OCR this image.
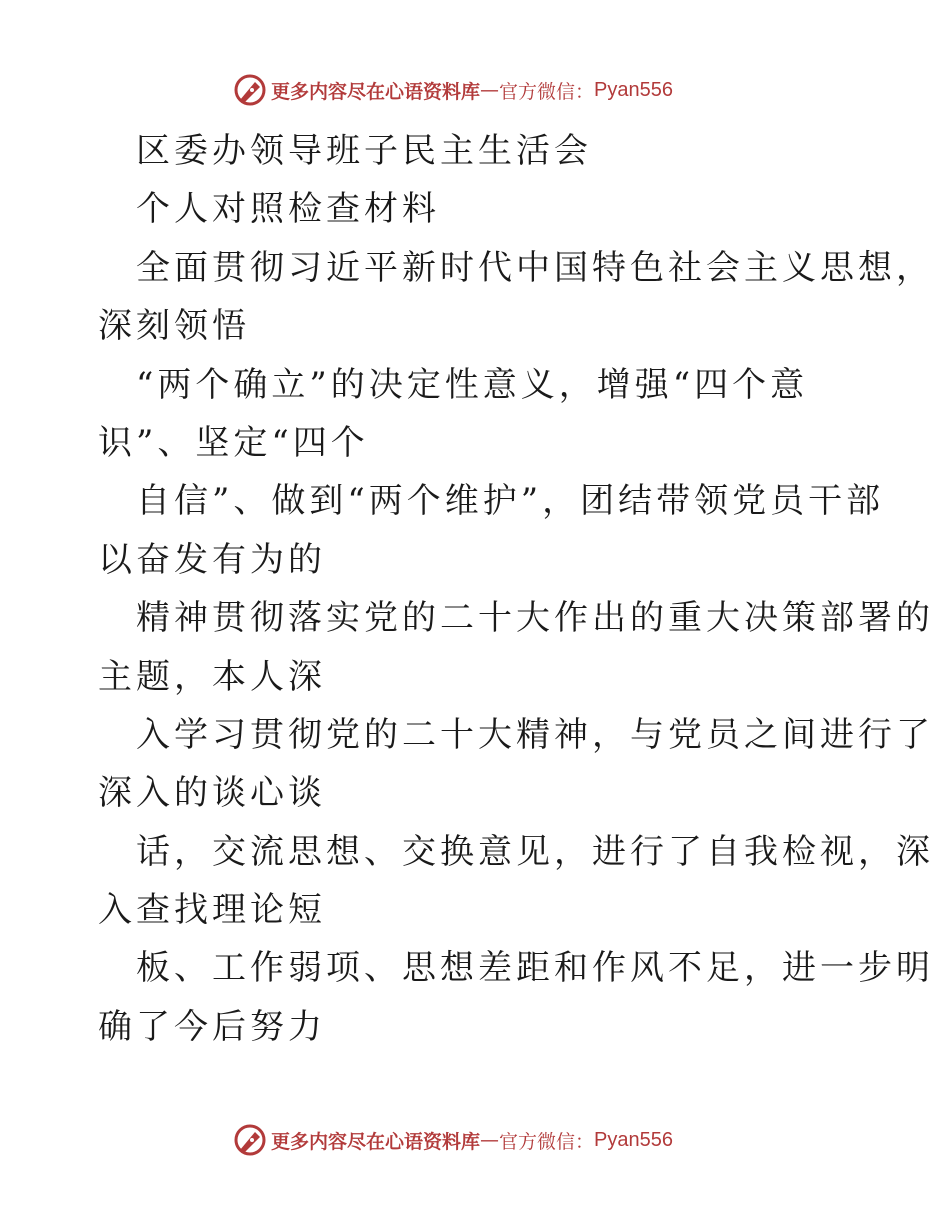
更多内容尽在心语资料库 — 官方微信： Pyan556
区委办领导班子民主生活会
个人对照检查材料
全面贯彻习近平新时代中国特色社会主义思想，
深刻领悟
“两个确立”的决定性意义，增强“四个意
识”、坚定“四个
自信”、做到“两个维护”，团结带领党员干部
以奋发有为的
精神贯彻落实党的二十大作出的重大决策部署的
主题，本人深
入学习贯彻党的二十大精神，与党员之间进行了
深入的谈心谈
话，交流思想、交换意见，进行了自我检视，深
入查找理论短
板、工作弱项、思想差距和作风不足，进一步明
确了今后努力
更多内容尽在心语资料库 — 官方微信： Pyan556
